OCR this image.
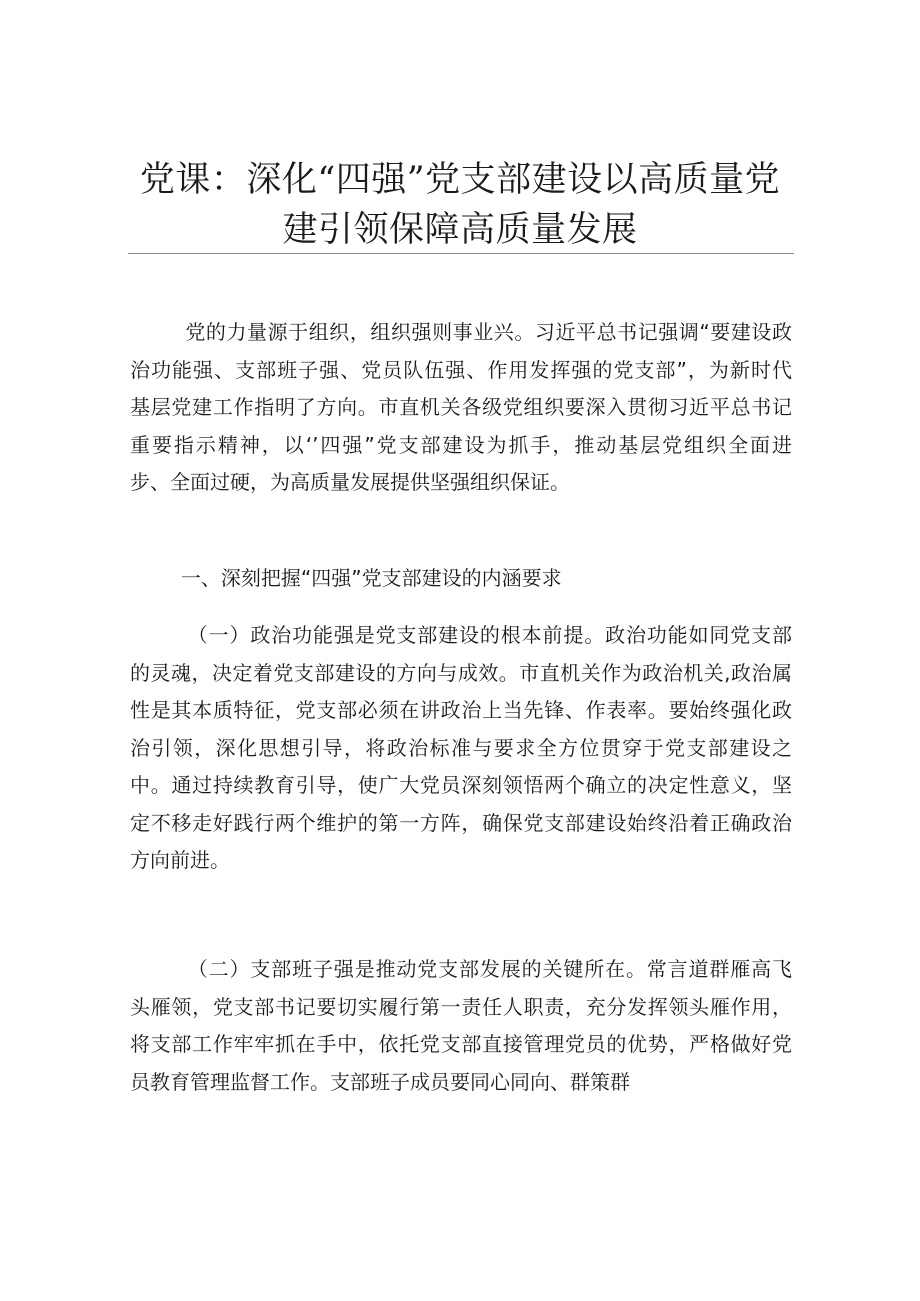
党课：深化“四强”党支部建设以高质量党
建引领保障高质量发展
党的力量源于组织，组织强则事业兴。习近平总书记强调“要建设政
治功能强、支部班子强、党员队伍强、作用发挥强的党支部”，为新时代
基层党建工作指明了方向。市直机关各级党组织要深入贯彻习近平总书记
重要指示精神，以‘’四强”党支部建设为抓手，推动基层党组织全面进
步、全面过硬，为高质量发展提供坚强组织保证。
一、深刻把握“四强”党支部建设的内涵要求
（一）政治功能强是党支部建设的根本前提。政治功能如同党支部
的灵魂，决定着党支部建设的方向与成效。市直机关作为政治机关,政治属
性是其本质特征，党支部必须在讲政治上当先锋、作表率。要始终强化政
治引领，深化思想引导，将政治标准与要求全方位贯穿于党支部建设之
中。通过持续教育引导，使广大党员深刻领悟两个确立的决定性意义，坚
定不移走好践行两个维护的第一方阵，确保党支部建设始终沿着正确政治
方向前进。
（二）支部班子强是推动党支部发展的关键所在。常言道群雁高飞
头雁领，党支部书记要切实履行第一责任人职责，充分发挥领头雁作用，
将支部工作牢牢抓在手中，依托党支部直接管理党员的优势，严格做好党
员教育管理监督工作。支部班子成员要同心同向、群策群
